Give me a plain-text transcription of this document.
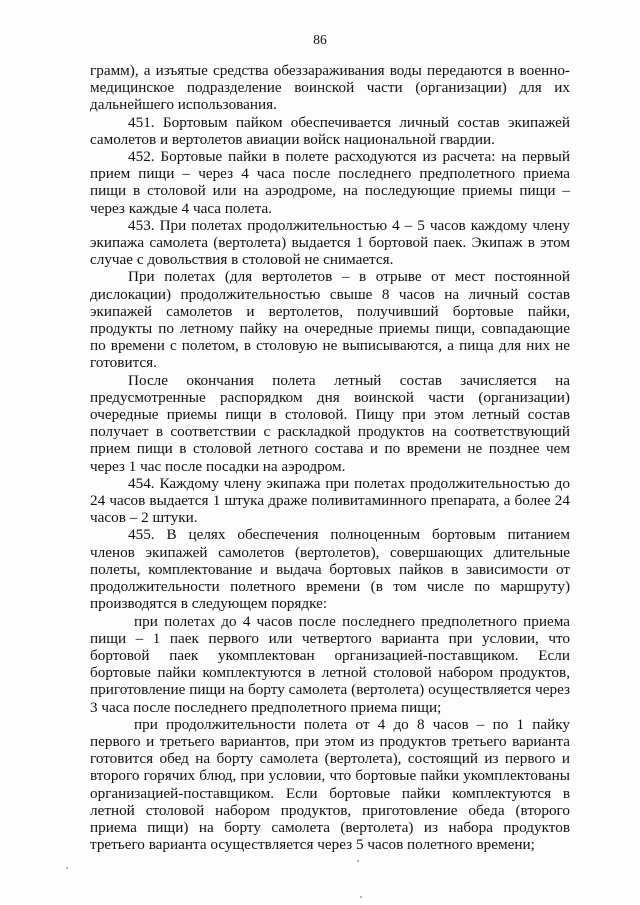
86

грамм), а изъятые средства обеззараживания воды передаются в военно-медицинское подразделение воинской части (организации) для их дальнейшего использования.

451. Бортовым пайком обеспечивается личный состав экипажей самолетов и вертолетов авиации войск национальной гвардии.

452. Бортовые пайки в полете расходуются из расчета: на первый прием пищи – через 4 часа после последнего предполетного приема пищи в столовой или на аэродроме, на последующие приемы пищи – через каждые 4 часа полета.

453. При полетах продолжительностью 4 – 5 часов каждому члену экипажа самолета (вертолета) выдается 1 бортовой паек. Экипаж в этом случае с довольствия в столовой не снимается.

При полетах (для вертолетов – в отрыве от мест постоянной дислокации) продолжительностью свыше 8 часов на личный состав экипажей самолетов и вертолетов, получивший бортовые пайки, продукты по летному пайку на очередные приемы пищи, совпадающие по времени с полетом, в столовую не выписываются, а пища для них не готовится.

После окончания полета летный состав зачисляется на предусмотренные распорядком дня воинской части (организации) очередные приемы пищи в столовой. Пищу при этом летный состав получает в соответствии с раскладкой продуктов на соответствующий прием пищи в столовой летного состава и по времени не позднее чем через 1 час после посадки на аэродром.

454. Каждому члену экипажа при полетах продолжительностью до 24 часов выдается 1 штука драже поливитаминного препарата, а более 24 часов – 2 штуки.

455. В целях обеспечения полноценным бортовым питанием членов экипажей самолетов (вертолетов), совершающих длительные полеты, комплектование и выдача бортовых пайков в зависимости от продолжительности полетного времени (в том числе по маршруту) производятся в следующем порядке:

при полетах до 4 часов после последнего предполетного приема пищи – 1 паек первого или четвертого варианта при условии, что бортовой паек укомплектован организацией-поставщиком. Если бортовые пайки комплектуются в летной столовой набором продуктов, приготовление пищи на борту самолета (вертолета) осуществляется через 3 часа после последнего предполетного приема пищи;

при продолжительности полета от 4 до 8 часов – по 1 пайку первого и третьего вариантов, при этом из продуктов третьего варианта готовится обед на борту самолета (вертолета), состоящий из первого и второго горячих блюд, при условии, что бортовые пайки укомплектованы организацией-поставщиком. Если бортовые пайки комплектуются в летной столовой набором продуктов, приготовление обеда (второго приема пищи) на борту самолета (вертолета) из набора продуктов третьего варианта осуществляется через 5 часов полетного времени;
